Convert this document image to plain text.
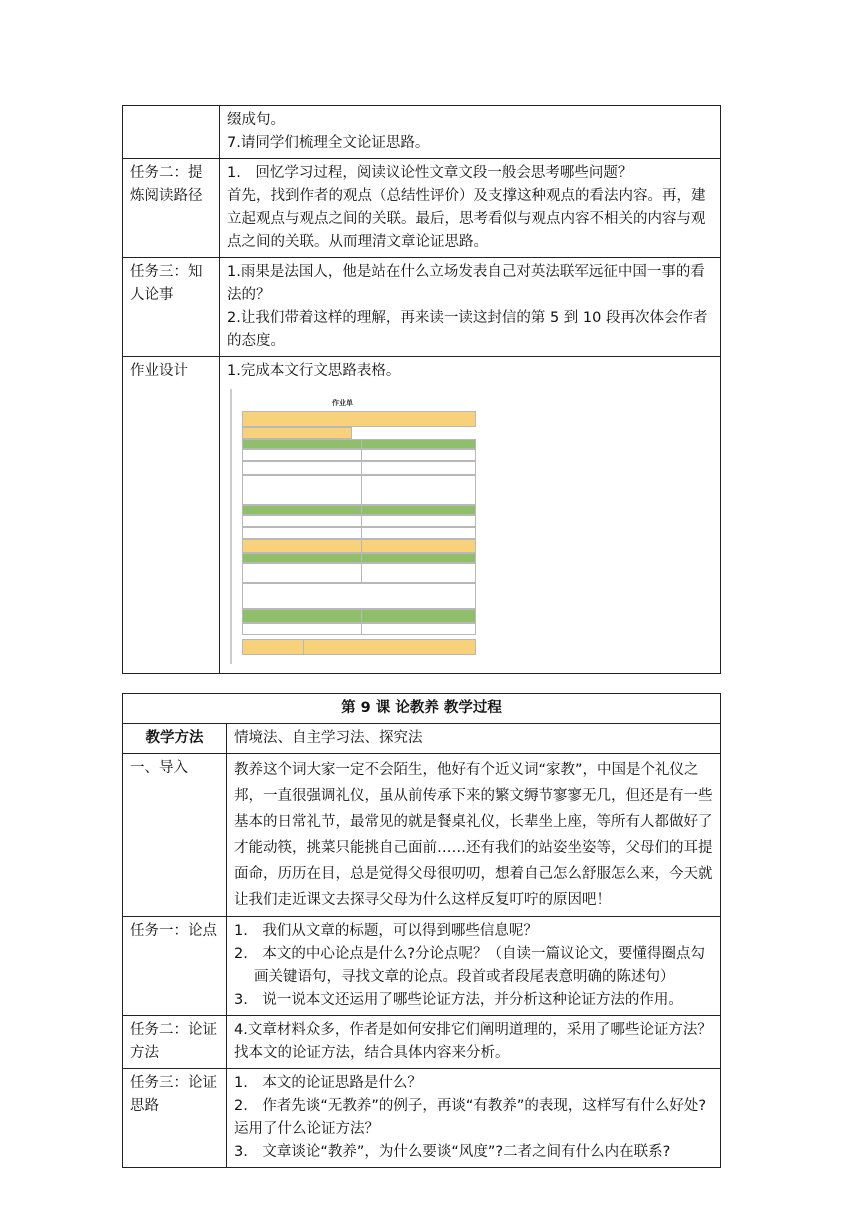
	缀成句。
7.请同学们梳理全文论证思路。

任务二：提炼阅读路径	1.　回忆学习过程，阅读议论性文章文段一般会思考哪些问题？
首先，找到作者的观点（总结性评价）及支撑这种观点的看法内容。再，建立起观点与观点之间的关联。最后，思考看似与观点内容不相关的内容与观点之间的关联。从而理清文章论证思路。

任务三：知人论事	1.雨果是法国人，他是站在什么立场发表自己对英法联军远征中国一事的看法的？
2.让我们带着这样的理解，再来读一读这封信的第 5 到 10 段再次体会作者的态度。

作业设计	1.完成本文行文思路表格。
作业单
第 9 课 论教养 教学过程	
教学方法	情境法、自主学习法、探究法
一、导入	教养这个词大家一定不会陌生，他好有个近义词“家教”，中国是个礼仪之邦，一直很强调礼仪，虽从前传承下来的繁文缛节寥寥无几，但还是有一些基本的日常礼节，最常见的就是餐桌礼仪，长辈坐上座，等所有人都做好了才能动筷，挑菜只能挑自己面前……还有我们的站姿坐姿等，父母们的耳提面命，历历在目，总是觉得父母很叨叨，想着自己怎么舒服怎么来，今天就让我们走近课文去探寻父母为什么这样反复叮咛的原因吧！
任务一：论点	1.　我们从文章的标题，可以得到哪些信息呢？
2.　本文的中心论点是什么?分论点呢？（自读一篇议论文，要懂得圈点勾画关键语句，寻找文章的论点。段首或者段尾表意明确的陈述句）
3.　说一说本文还运用了哪些论证方法，并分析这种论证方法的作用。

任务二：论证方法	4.文章材料众多，作者是如何安排它们阐明道理的，采用了哪些论证方法？找本文的论证方法，结合具体内容来分析。
任务三：论证思路	1.　本文的论证思路是什么？
2.　作者先谈“无教养”的例子，再谈“有教养”的表现，这样写有什么好处?运用了什么论证方法？
3.　文章谈论“教养”，为什么要谈“风度”?二者之间有什么内在联系?
